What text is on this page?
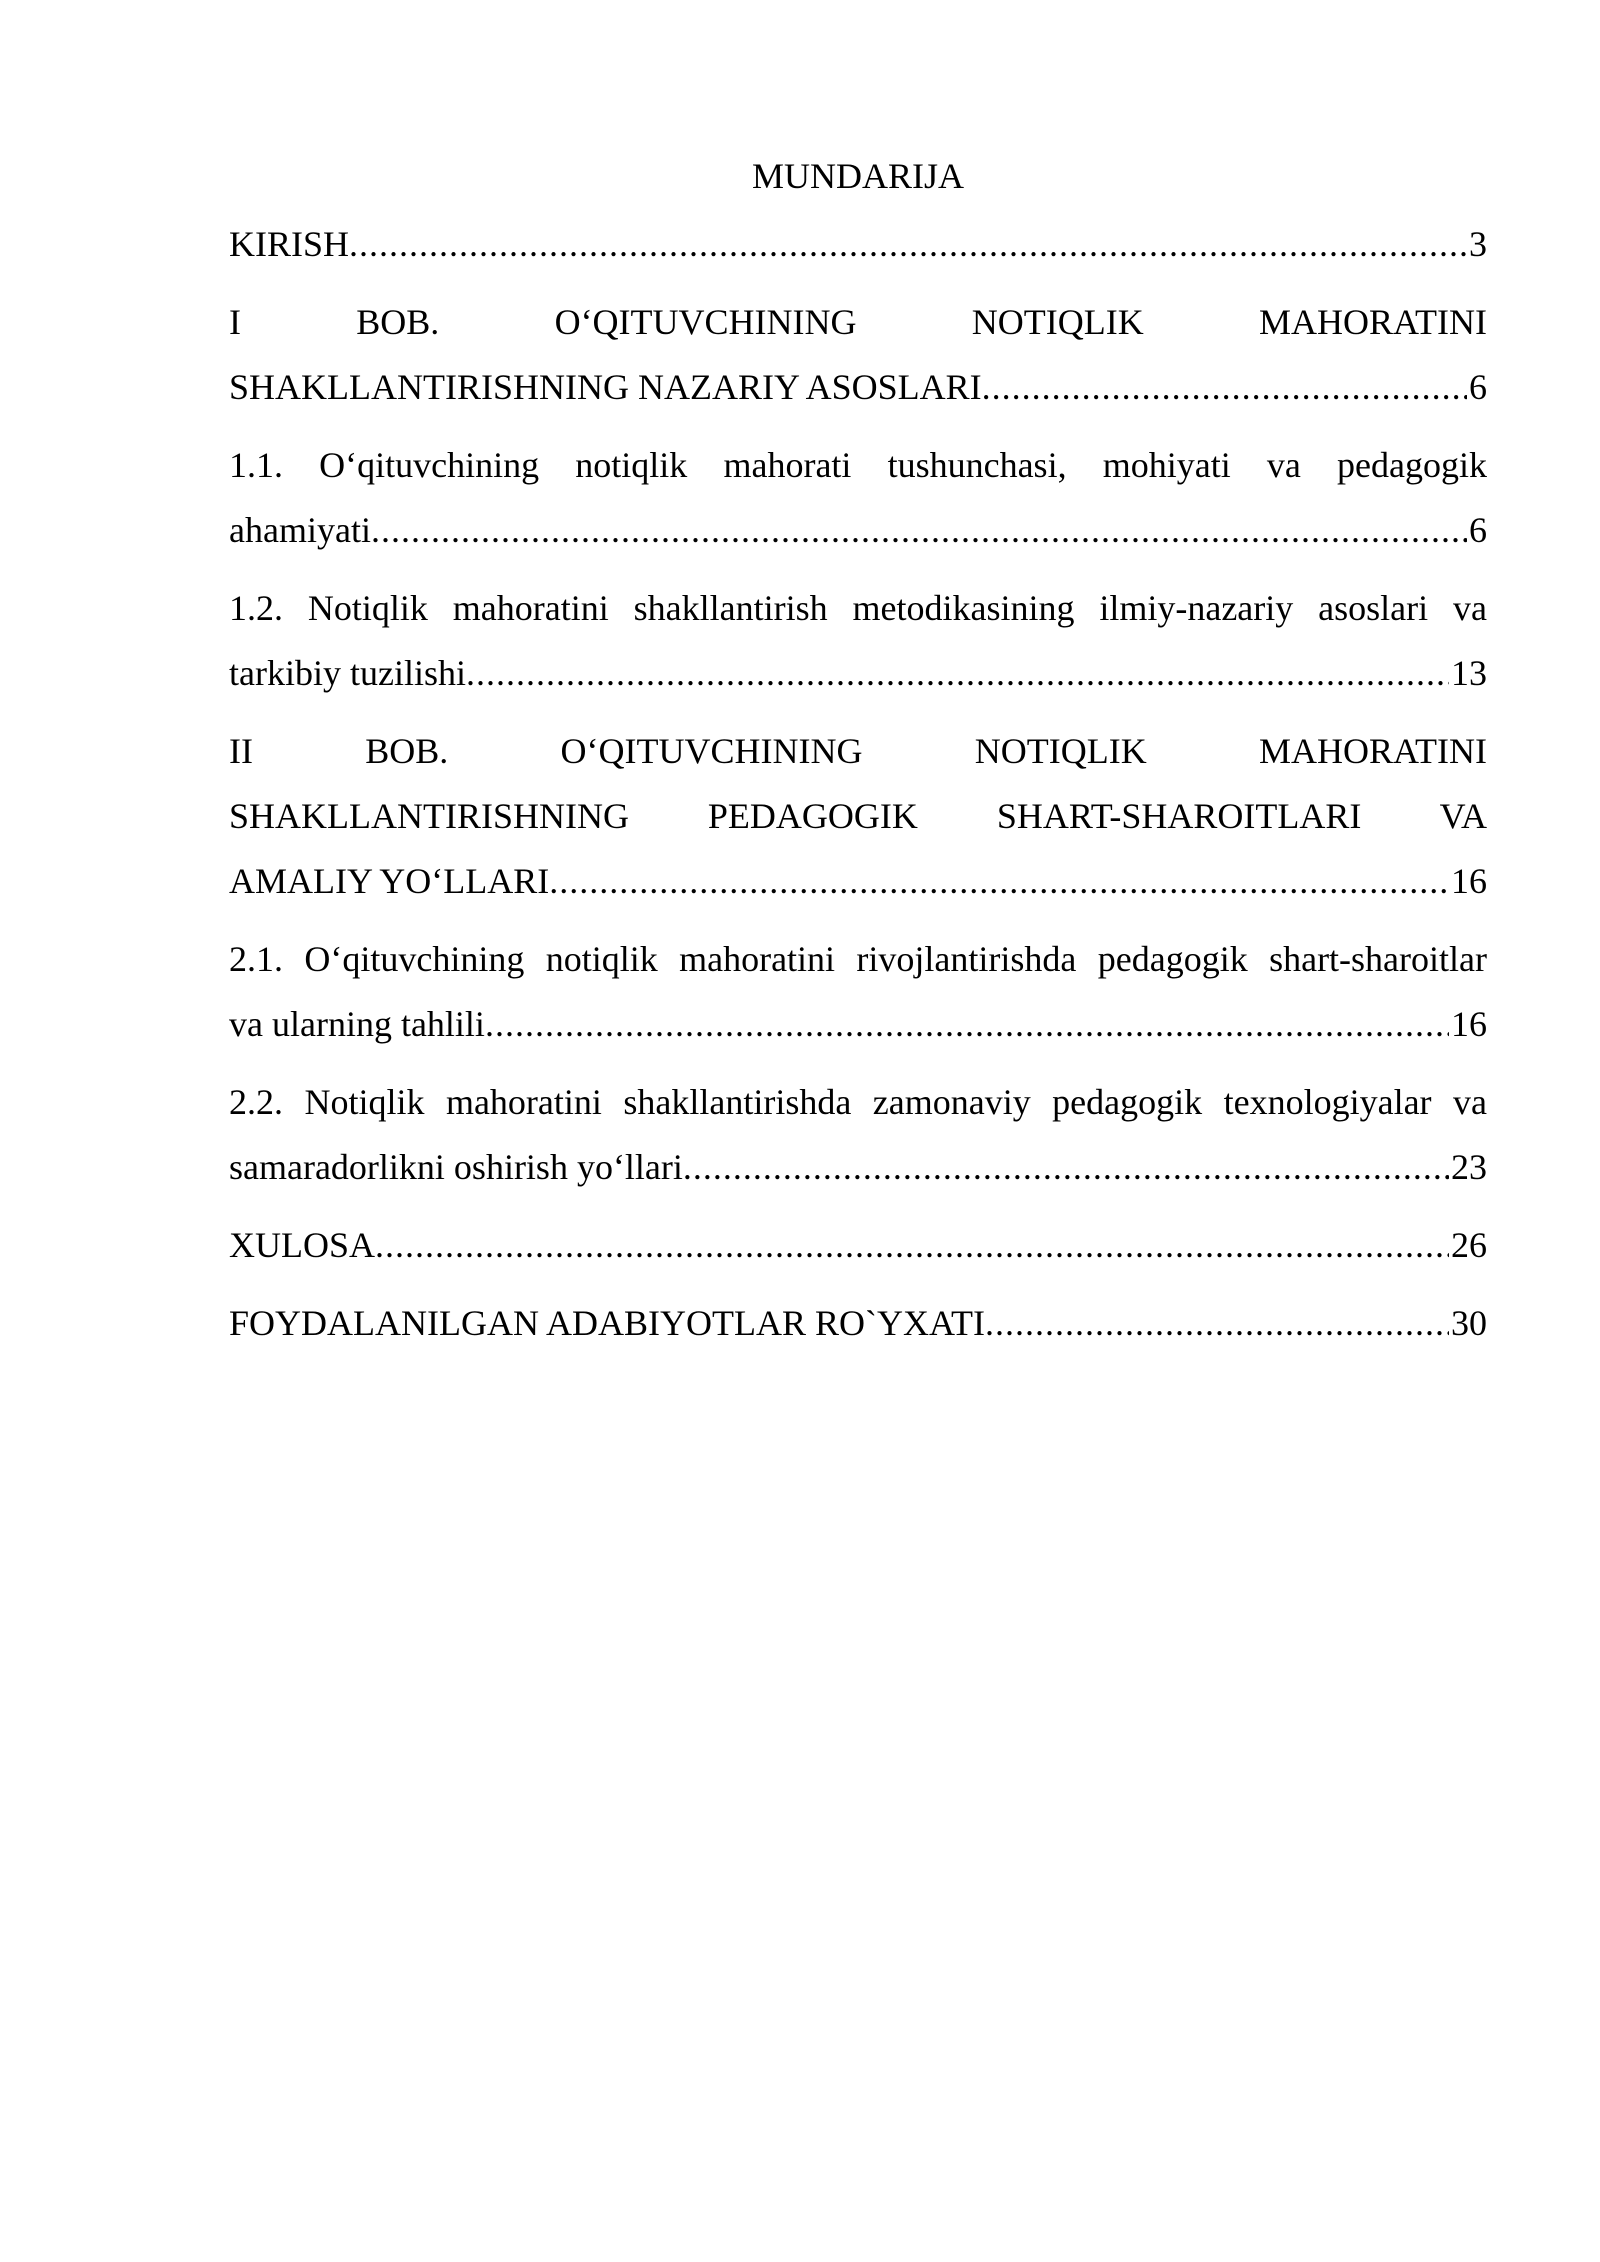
MUNDARIJA
KIRISH .....	3
I BOB. O‘QITUVCHINING NOTIQLIK MAHORATINI
SHAKLLANTIRISHNING NAZARIY ASOSLARI .....	6
1.1. O‘qituvchining notiqlik mahorati tushunchasi, mohiyati va pedagogik
ahamiyati .....	6
1.2. Notiqlik mahoratini shakllantirish metodikasining ilmiy-nazariy asoslari va
tarkibiy tuzilishi .....	13
II BOB. O‘QITUVCHINING NOTIQLIK MAHORATINI
SHAKLLANTIRISHNING PEDAGOGIK SHART-SHAROITLARI VA
AMALIY YO‘LLARI .....	16
2.1. O‘qituvchining notiqlik mahoratini rivojlantirishda pedagogik shart-sharoitlar
va ularning tahlili .....	16
2.2. Notiqlik mahoratini shakllantirishda zamonaviy pedagogik texnologiyalar va
samaradorlikni oshirish yo‘llari .....	23
XULOSA .....	26
FOYDALANILGAN ADABIYOTLAR RO`YXATI .....	30
